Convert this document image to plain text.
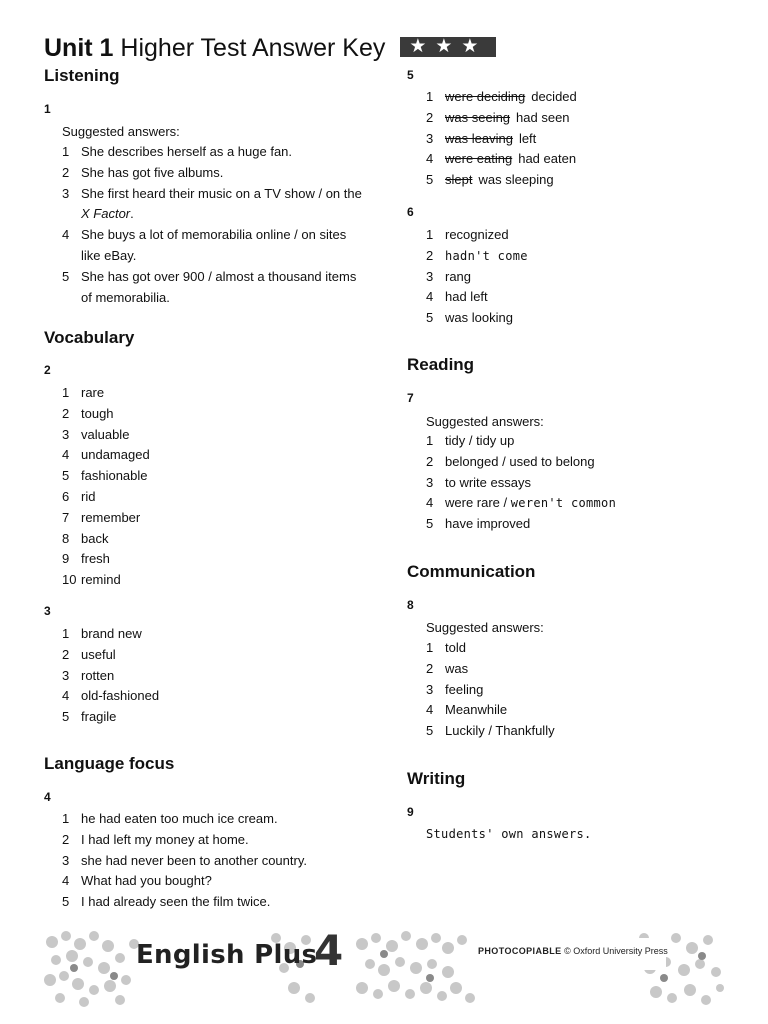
Unit 1 Higher Test Answer Key ★★★
Listening
1
Suggested answers:
1 She describes herself as a huge fan.
2 She has got five albums.
3 She first heard their music on a TV show / on the
X Factor.
4 She buys a lot of memorabilia online / on sites
like eBay.
5 She has got over 900 / almost a thousand items
of memorabilia.
Vocabulary
2
1 rare
2 tough
3 valuable
4 undamaged
5 fashionable
6 rid
7 remember
8 back
9 fresh
10 remind
3
1 brand new
2 useful
3 rotten
4 old-fashioned
5 fragile
Language focus
4
1 he had eaten too much ice cream.
2 I had left my money at home.
3 she had never been to another country.
4 What had you bought?
5 I had already seen the film twice.
5
1 were deciding decided
2 was seeing had seen
3 was leaving left
4 were eating had eaten
5 slept was sleeping
6
1 recognized
2 hadn't come
3 rang
4 had left
5 was looking
Reading
7
Suggested answers:
1 tidy / tidy up
2 belonged / used to belong
3 to write essays
4 were rare / weren't common
5 have improved
Communication
8
Suggested answers:
1 told
2 was
3 feeling
4 Meanwhile
5 Luckily / Thankfully
Writing
9
Students' own answers.
English Plus
4	PHOTOCOPIABLE © Oxford University Press
